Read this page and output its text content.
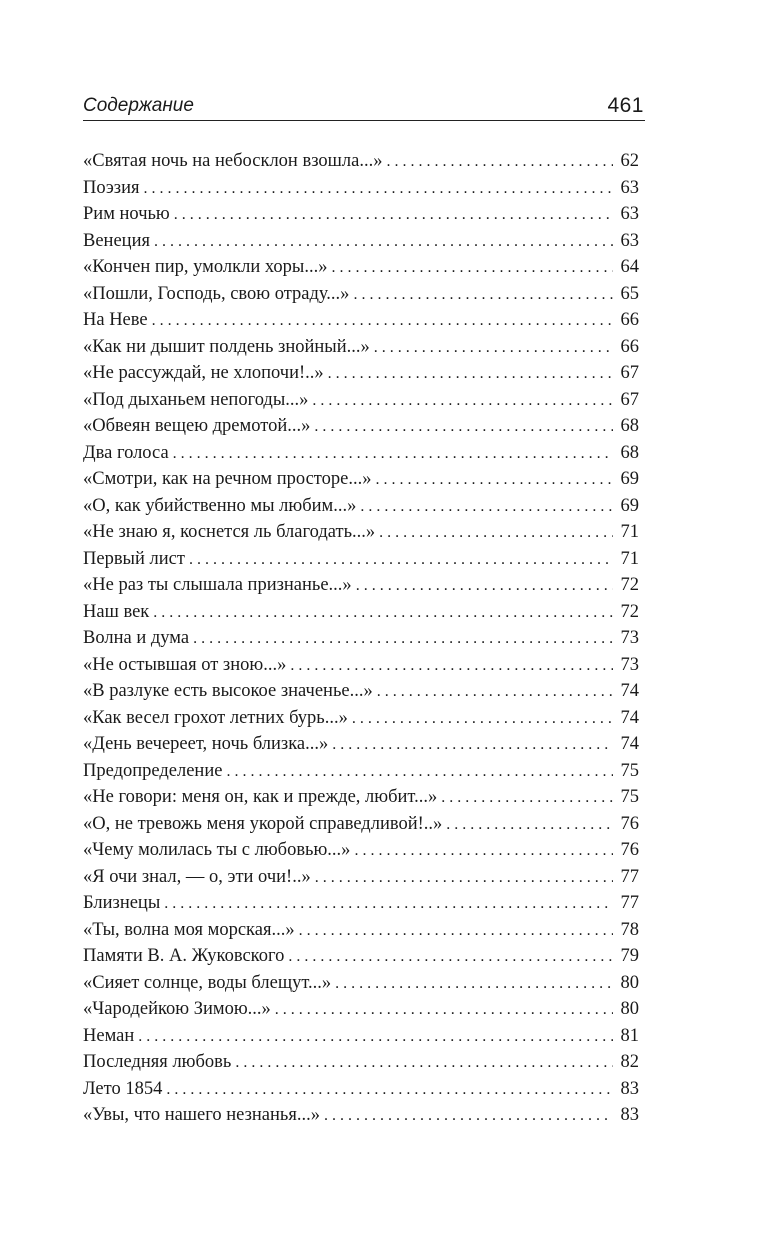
Содержание	461
«Святая ночь на небосклон взошла...» . . .	62
Поэзия . . .	63
Рим ночью . . .	63
Венеция . . .	63
«Кончен пир, умолкли хоры...» . . .	64
«Пошли, Господь, свою отраду...» . . .	65
На Неве . . .	66
«Как ни дышит полдень знойный...» . . .	66
«Не рассуждай, не хлопочи!..» . . .	67
«Под дыханьем непогоды...» . . .	67
«Обвеян вещею дремотой...» . . .	68
Два голоса . . .	68
«Смотри, как на речном просторе...» . . .	69
«О, как убийственно мы любим...» . . .	69
«Не знаю я, коснется ль благодать...» . . .	71
Первый лист . . .	71
«Не раз ты слышала признанье...» . . .	72
Наш век . . .	72
Волна и дума . . .	73
«Не остывшая от зною...» . . .	73
«В разлуке есть высокое значенье...» . . .	74
«Как весел грохот летних бурь...» . . .	74
«День вечереет, ночь близка...» . . .	74
Предопределение . . .	75
«Не говори: меня он, как и прежде, любит...» . . .	75
«О, не тревожь меня укорой справедливой!..» . . .	76
«Чему молилась ты с любовью...» . . .	76
«Я очи знал, — о, эти очи!..» . . .	77
Близнецы . . .	77
«Ты, волна моя морская...» . . .	78
Памяти В. А. Жуковского . . .	79
«Сияет солнце, воды блещут...» . . .	80
«Чародейкою Зимою...» . . .	80
Неман . . .	81
Последняя любовь . . .	82
Лето 1854 . . .	83
«Увы, что нашего незнанья...» . . .	83
